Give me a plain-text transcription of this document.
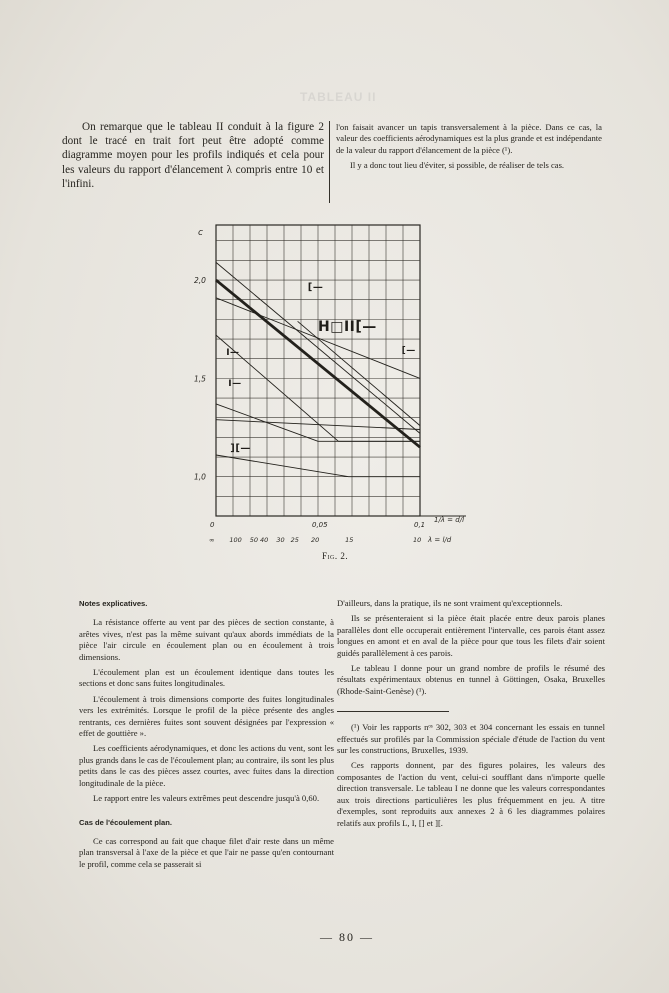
TABLEAU II

On remarque que le tableau II conduit à la figure 2 dont le tracé en trait fort peut être adopté comme diagramme moyen pour les profils indiqués et cela pour les valeurs du rapport d'élancement λ compris entre 10 et l'infini.

l'on faisait avancer un tapis transversalement à la pièce. Dans ce cas, la valeur des coefficients aérodynamiques est la plus grande et est indépendante de la valeur du rapport d'élancement de la pièce (¹).

Il y a donc tout lieu d'éviter, si possible, de réaliser de tels cas.

c
2,0
1,5
1,0
0	0,05	0,1
∞ 100 50 40 30 25 20	15	10
1/λ = d/l
λ = l/d
[—
H□ΙΙ[—
Ι—
Ι—
[—
][—
Fig. 2.

Notes explicatives.

La résistance offerte au vent par des pièces de section constante, à arêtes vives, n'est pas la même suivant qu'aux abords immédiats de la pièce l'air circule en écoulement plan ou en écoulement à trois dimensions.

L'écoulement plan est un écoulement identique dans toutes les sections et donc sans fuites longitudinales.

L'écoulement à trois dimensions comporte des fuites longitudinales vers les extrémités. Lorsque le profil de la pièce présente des angles rentrants, ces dernières fuites sont souvent désignées par l'expression « effet de gouttière ».

Les coefficients aérodynamiques, et donc les actions du vent, sont les plus grands dans le cas de l'écoulement plan; au contraire, ils sont les plus petits dans le cas des pièces assez courtes, avec fuites dans la direction longitudinale de la pièce.

Le rapport entre les valeurs extrêmes peut descendre jusqu'à 0,60.

Cas de l'écoulement plan.

Ce cas correspond au fait que chaque filet d'air reste dans un même plan transversal à l'axe de la pièce et que l'air ne passe qu'en contournant le profil, comme cela se passerait si

D'ailleurs, dans la pratique, ils ne sont vraiment qu'exceptionnels.

Ils se présenteraient si la pièce était placée entre deux parois planes parallèles dont elle occuperait entièrement l'intervalle, ces parois étant assez longues en amont et en aval de la pièce pour que tous les filets d'air soient guidés parallèlement à ces parois.

Le tableau I donne pour un grand nombre de profils le résumé des résultats expérimentaux obtenus en tunnel à Göttingen, Osaka, Bruxelles (Rhode-Saint-Genèse) (¹).

(¹) Voir les rapports nᵒˢ 302, 303 et 304 concernant les essais en tunnel effectués sur profilés par la Commission spéciale d'étude de l'action du vent sur les constructions, Bruxelles, 1939.

Ces rapports donnent, par des figures polaires, les valeurs des composantes de l'action du vent, celui-ci soufflant dans n'importe quelle direction transversale. Le tableau I ne donne que les valeurs correspondantes aux trois directions particulières les plus fréquemment en jeu. A titre d'exemples, sont reproduits aux annexes 2 à 6 les diagrammes polaires relatifs aux profils L, I, [] et ][.

— 80 —
